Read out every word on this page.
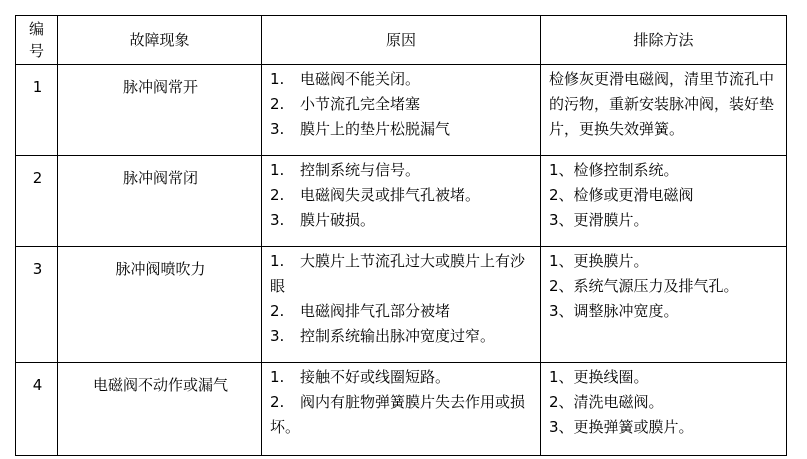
编号	故障现象	原因	排除方法
1	脉冲阀常开	1. 电磁阀不能关闭。
2. 小节流孔完全堵塞
3. 膜片上的垫片松脱漏气	检修灰更滑电磁阀，清里节流孔中的污物，重新安装脉冲阀，装好垫片，更换失效弹簧。

2	脉冲阀常闭	1. 控制系统与信号。
2. 电磁阀失灵或排气孔被堵。
3. 膜片破损。	1、检修控制系统。
2、检修或更滑电磁阀
3、更滑膜片。

3	脉冲阀喷吹力	1. 大膜片上节流孔过大或膜片上有沙眼
2. 电磁阀排气孔部分被堵
3. 控制系统输出脉冲宽度过窄。	1、更换膜片。
2、系统气源压力及排气孔。
3、调整脉冲宽度。

4	电磁阀不动作或漏气	1. 接触不好或线圈短路。
2. 阀内有脏物弹簧膜片失去作用或损坏。	1、更换线圈。
2、清洗电磁阀。
3、更换弹簧或膜片。
